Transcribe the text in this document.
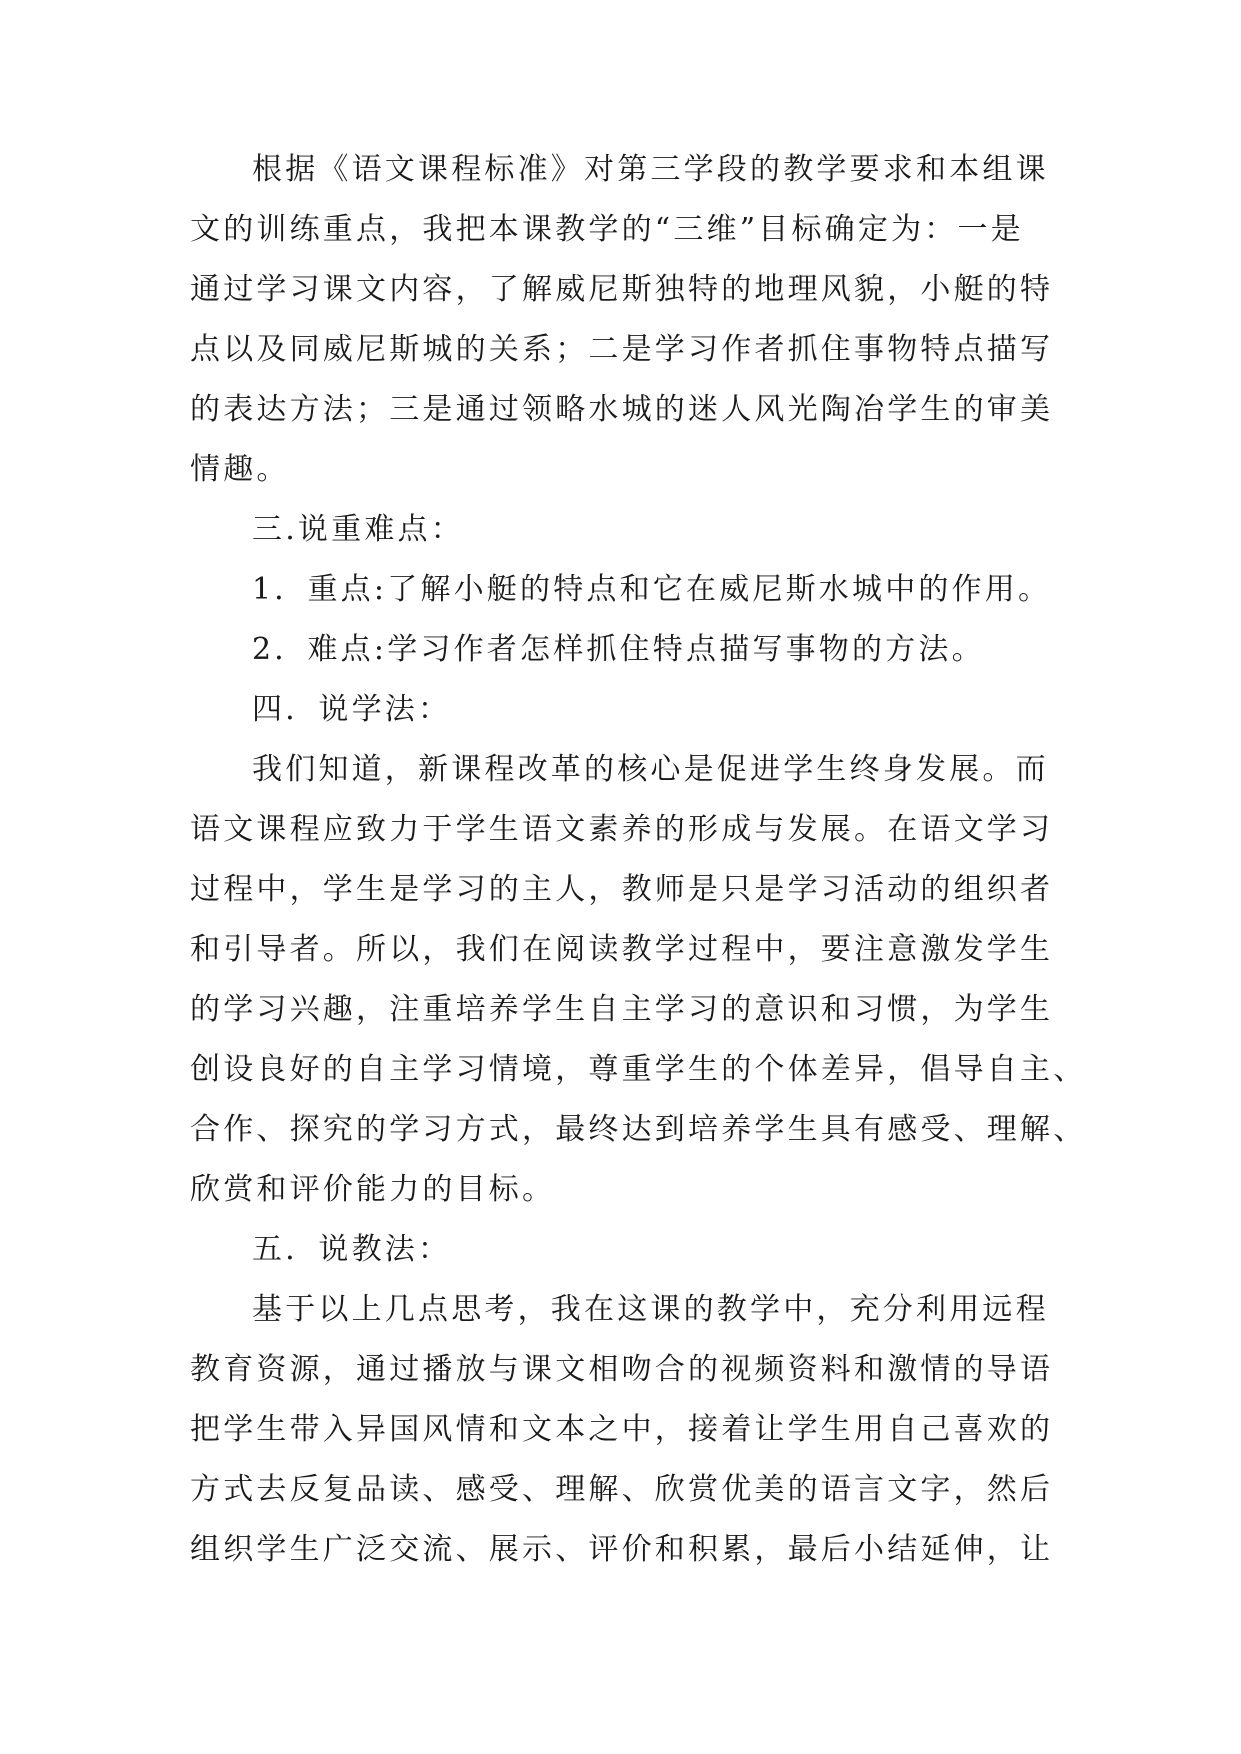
根据《语文课程标准》对第三学段的教学要求和本组课
文的训练重点，我把本课教学的“三维”目标确定为：一是
通过学习课文内容，了解威尼斯独特的地理风貌，小艇的特
点以及同威尼斯城的关系；二是学习作者抓住事物特点描写
的表达方法；三是通过领略水城的迷人风光陶冶学生的审美
情趣。
三.说重难点：
1．重点:了解小艇的特点和它在威尼斯水城中的作用。
2．难点:学习作者怎样抓住特点描写事物的方法。
四．说学法：
我们知道，新课程改革的核心是促进学生终身发展。而
语文课程应致力于学生语文素养的形成与发展。在语文学习
过程中，学生是学习的主人，教师是只是学习活动的组织者
和引导者。所以，我们在阅读教学过程中，要注意激发学生
的学习兴趣，注重培养学生自主学习的意识和习惯，为学生
创设良好的自主学习情境，尊重学生的个体差异，倡导自主、
合作、探究的学习方式，最终达到培养学生具有感受、理解、
欣赏和评价能力的目标。
五．说教法：
基于以上几点思考，我在这课的教学中，充分利用远程
教育资源，通过播放与课文相吻合的视频资料和激情的导语
把学生带入异国风情和文本之中，接着让学生用自己喜欢的
方式去反复品读、感受、理解、欣赏优美的语言文字，然后
组织学生广泛交流、展示、评价和积累，最后小结延伸，让
